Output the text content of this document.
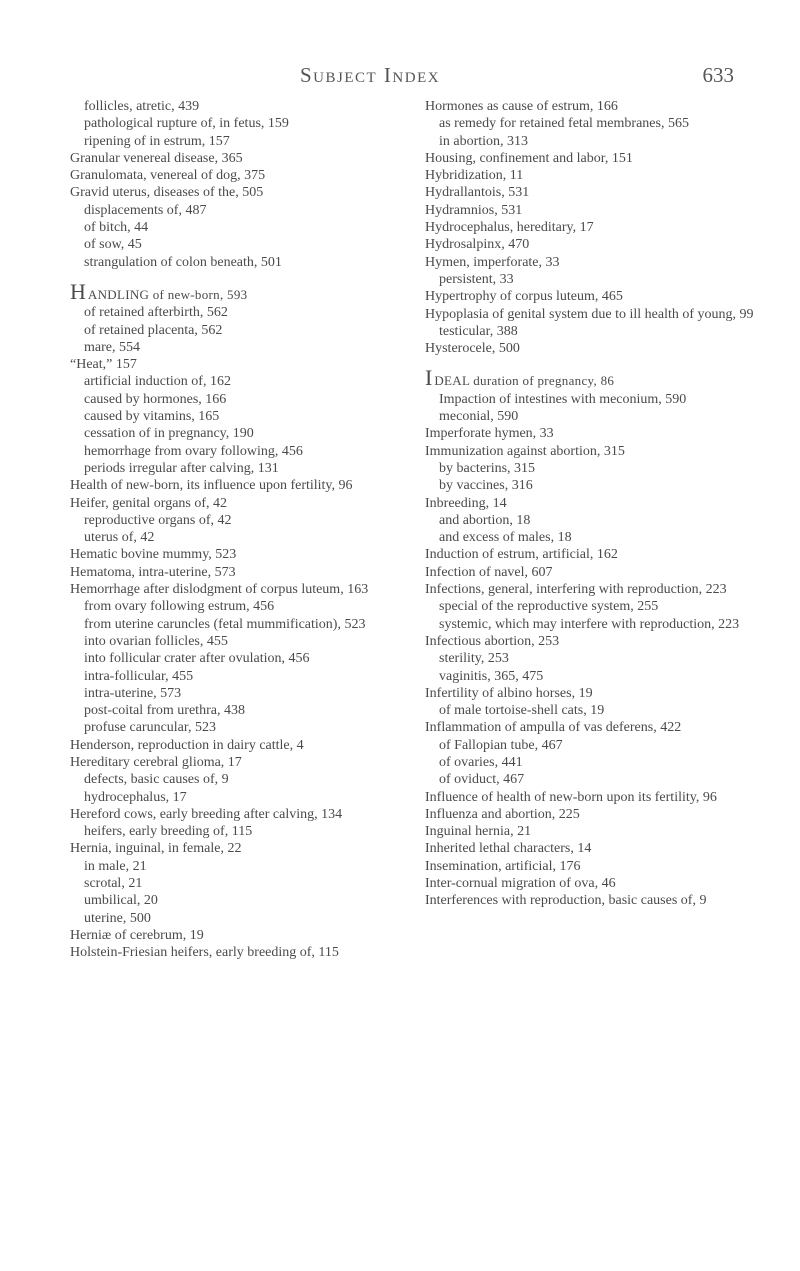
Subject Index	633

follicles, atretic, 439

pathological rupture of, in fetus, 159

ripening of in estrum, 157

Granular venereal disease, 365

Granulomata, venereal of dog, 375

Gravid uterus, diseases of the, 505

displacements of, 487

of bitch, 44

of sow, 45

strangulation of colon beneath, 501

HANDLING of new-born, 593

of retained afterbirth, 562

of retained placenta, 562

mare, 554

“Heat,” 157

artificial induction of, 162

caused by hormones, 166

caused by vitamins, 165

cessation of in pregnancy, 190

hemorrhage from ovary following, 456

periods irregular after calving, 131

Health of new-born, its influence upon fertility, 96

Heifer, genital organs of, 42

reproductive organs of, 42

uterus of, 42

Hematic bovine mummy, 523

Hematoma, intra-uterine, 573

Hemorrhage after dislodgment of corpus luteum, 163

from ovary following estrum, 456

from uterine caruncles (fetal mummification), 523

into ovarian follicles, 455

into follicular crater after ovulation, 456

intra-follicular, 455

intra-uterine, 573

post-coital from urethra, 438

profuse caruncular, 523

Henderson, reproduction in dairy cattle, 4

Hereditary cerebral glioma, 17

defects, basic causes of, 9

hydrocephalus, 17

Hereford cows, early breeding after calving, 134

heifers, early breeding of, 115

Hernia, inguinal, in female, 22

in male, 21

scrotal, 21

umbilical, 20

uterine, 500

Herniæ of cerebrum, 19

Holstein-Friesian heifers, early breeding of, 115

Hormones as cause of estrum, 166

as remedy for retained fetal membranes, 565

in abortion, 313

Housing, confinement and labor, 151

Hybridization, 11

Hydrallantois, 531

Hydramnios, 531

Hydrocephalus, hereditary, 17

Hydrosalpinx, 470

Hymen, imperforate, 33

persistent, 33

Hypertrophy of corpus luteum, 465

Hypoplasia of genital system due to ill health of young, 99

testicular, 388

Hysterocele, 500

IDEAL duration of pregnancy, 86

Impaction of intestines with meconium, 590

meconial, 590

Imperforate hymen, 33

Immunization against abortion, 315

by bacterins, 315

by vaccines, 316

Inbreeding, 14

and abortion, 18

and excess of males, 18

Induction of estrum, artificial, 162

Infection of navel, 607

Infections, general, interfering with reproduction, 223

special of the reproductive system, 255

systemic, which may interfere with reproduction, 223

Infectious abortion, 253

sterility, 253

vaginitis, 365, 475

Infertility of albino horses, 19

of male tortoise-shell cats, 19

Inflammation of ampulla of vas deferens, 422

of Fallopian tube, 467

of ovaries, 441

of oviduct, 467

Influence of health of new-born upon its fertility, 96

Influenza and abortion, 225

Inguinal hernia, 21

Inherited lethal characters, 14

Insemination, artificial, 176

Inter-cornual migration of ova, 46

Interferences with reproduction, basic causes of, 9
